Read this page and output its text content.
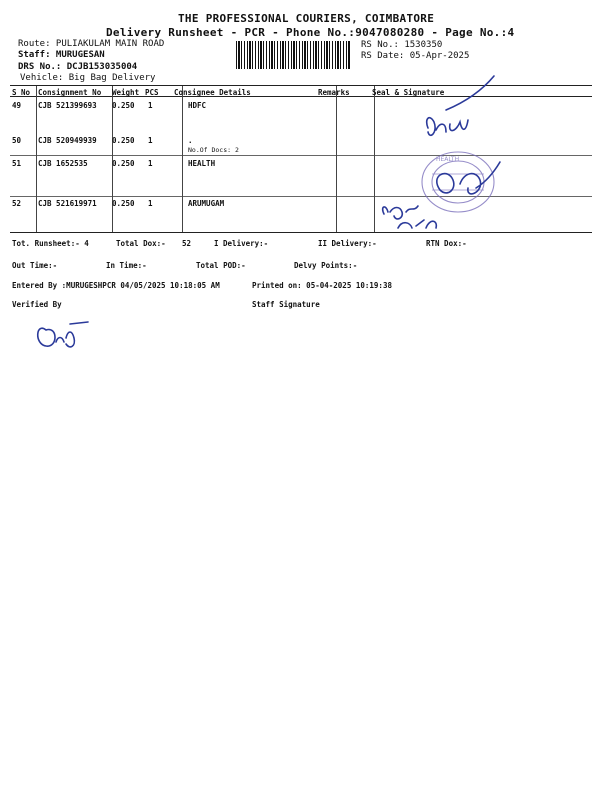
THE PROFESSIONAL COURIERS, COIMBATORE
Delivery Runsheet - PCR - Phone No.:9047080280 - Page No.:4
Route: PULIAKULAM MAIN ROAD
Staff: MURUGESAN
DRS No.: DCJB153035004
Vehicle: Big Bag Delivery
RS No.: 1530350
RS Date: 05-Apr-2025
S No Consignment No Weight PCS Consignee Details	Remarks	Seal & Signature
49 CJB 521399693 0.250 1	HDFC
50 CJB 520949939 0.250 1	.
No.Of Docs: 2
51 CJB 1652535	0.250 1	HEALTH
52 CJB 521619971 0.250 1	ARUMUGAM
Tot. Runsheet:- 4	Total Dox:- 52	I Delivery:-	II Delivery:-	RTN Dox:-
Out Time:-	In Time:-	Total POD:-	Delvy Points:-
Entered By :MURUGESHPCR 04/05/2025 10:18:05 AM	Printed on: 05-04-2025 10:19:38
Verified By	Staff Signature
HEALTH
